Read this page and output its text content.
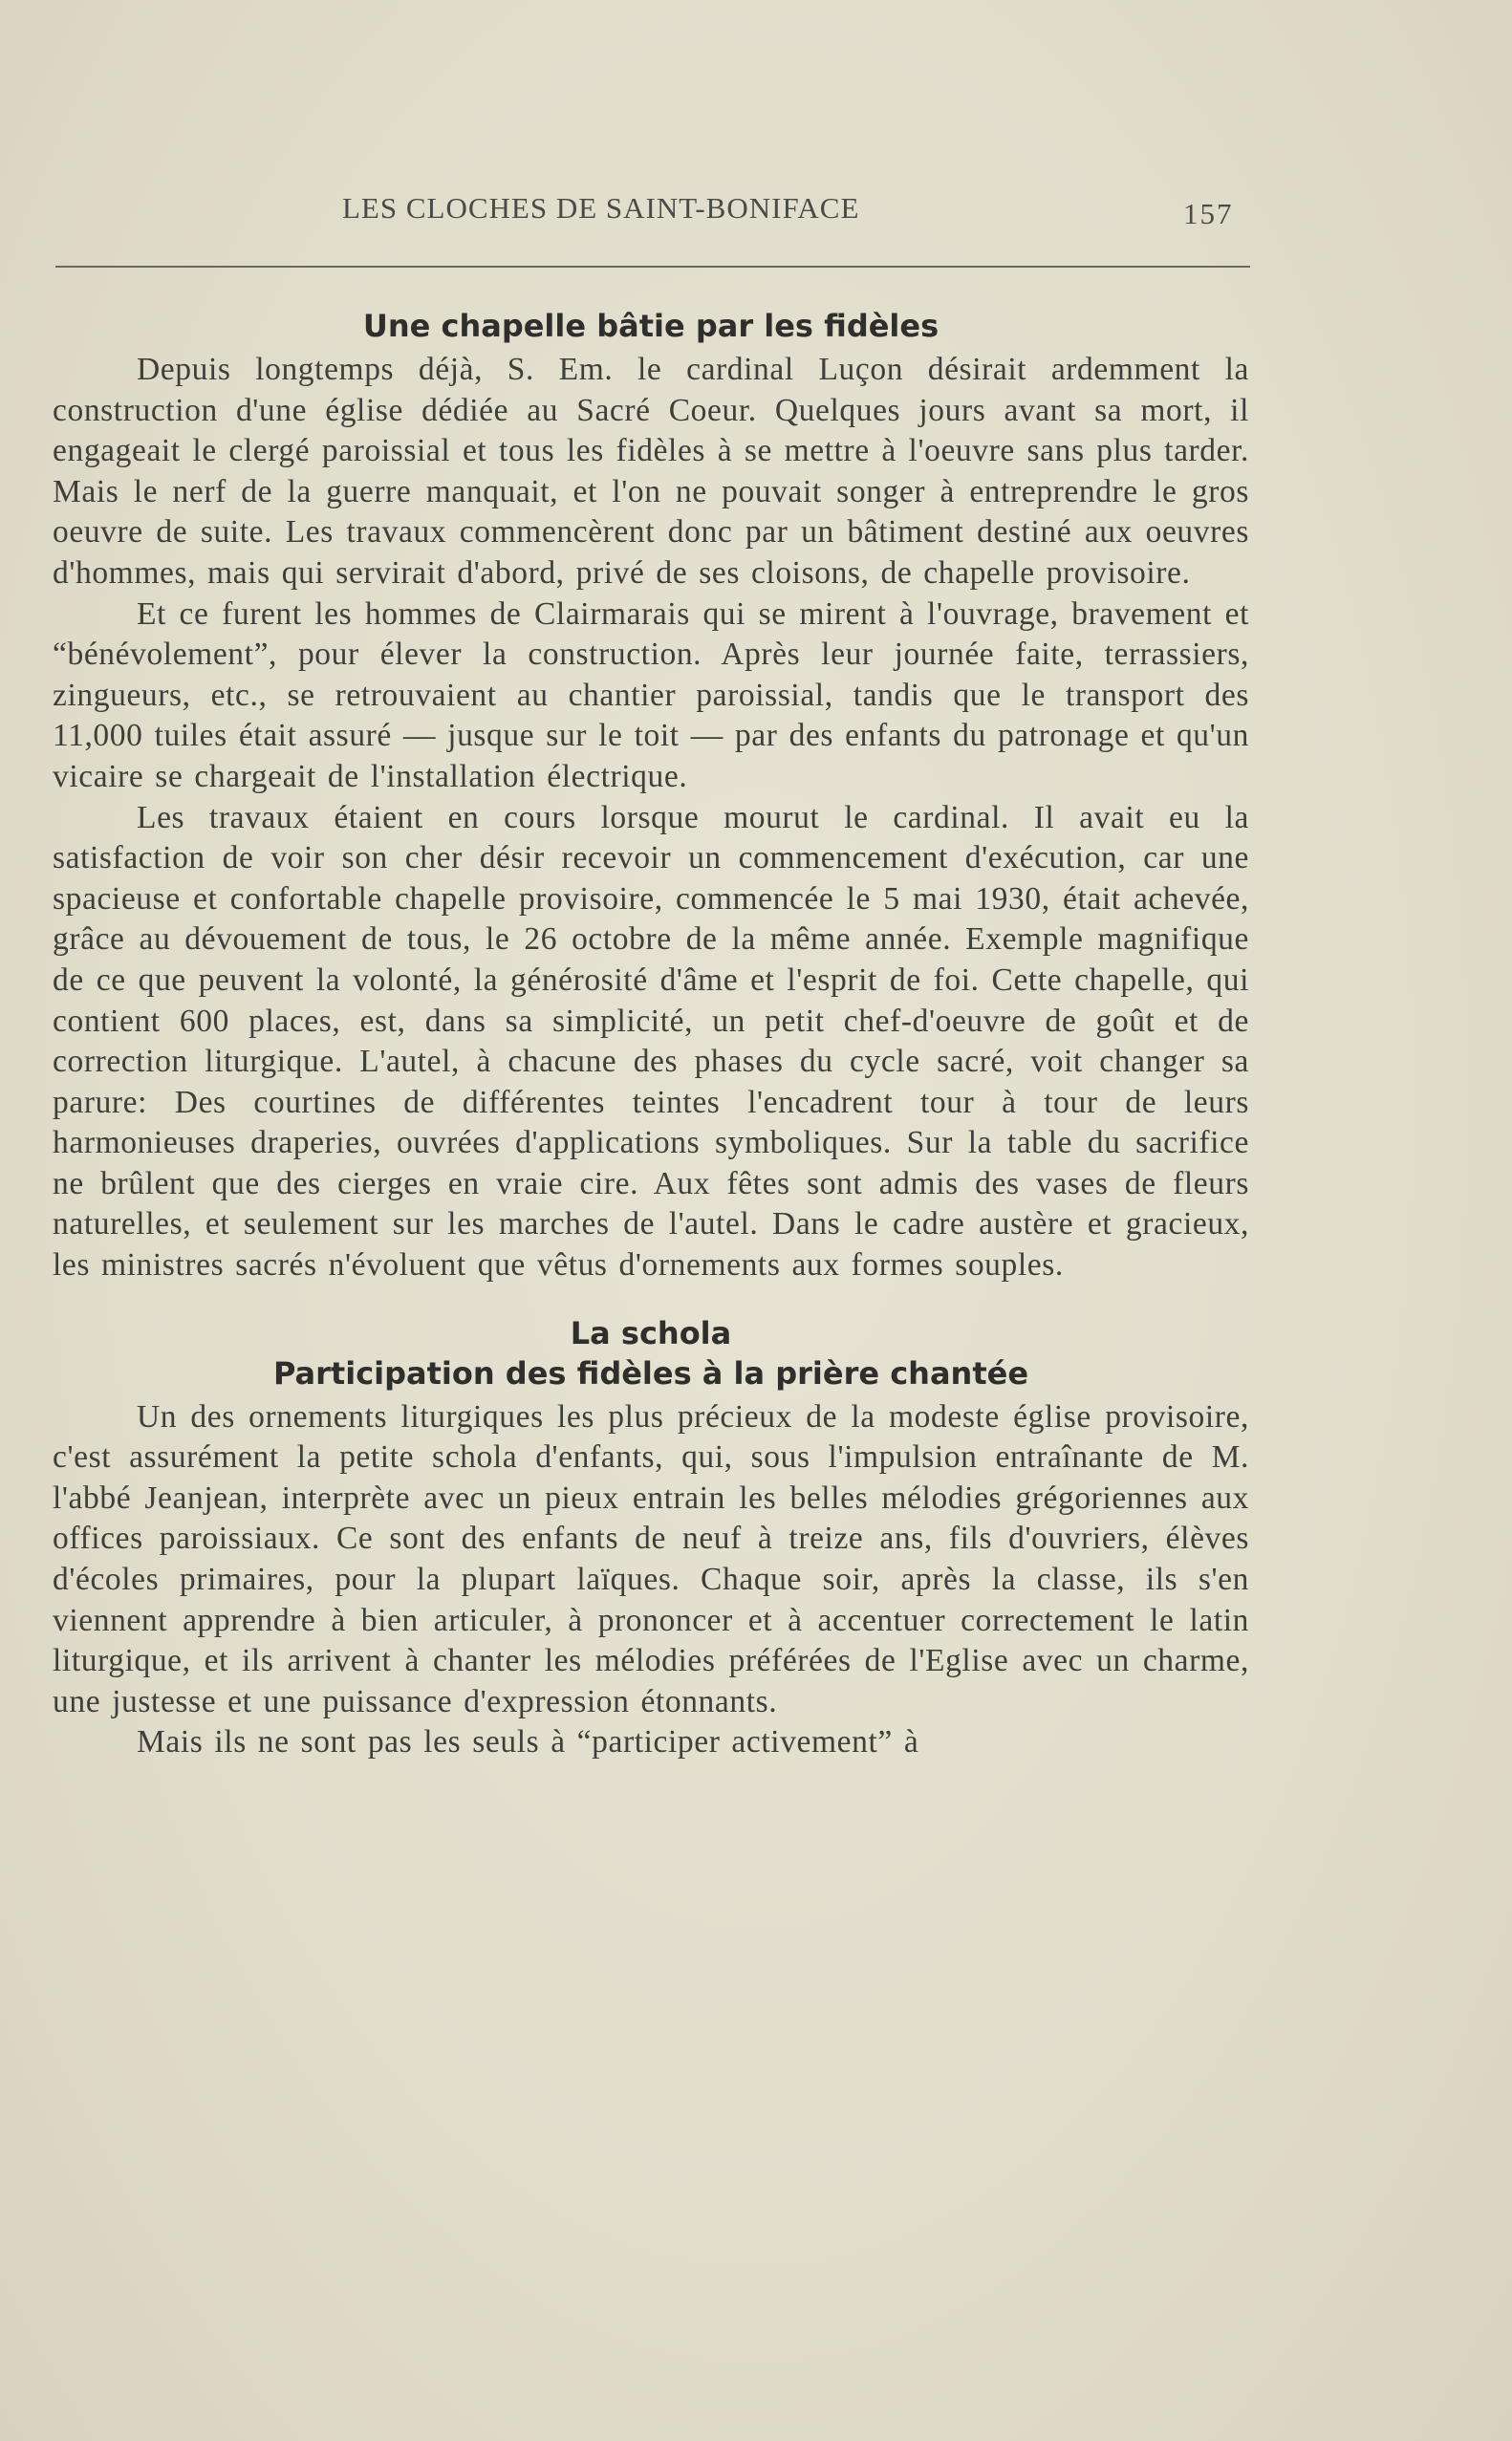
LES CLOCHES DE SAINT-BONIFACE	157
Une chapelle bâtie par les fidèles

Depuis longtemps déjà, S. Em. le cardinal Luçon désirait ardemment la construction d'une église dédiée au Sacré Coeur. Quelques jours avant sa mort, il engageait le clergé paroissial et tous les fidèles à se mettre à l'oeuvre sans plus tarder. Mais le nerf de la guerre manquait, et l'on ne pouvait songer à entreprendre le gros oeuvre de suite. Les travaux commencèrent donc par un bâtiment destiné aux oeuvres d'hommes, mais qui servirait d'abord, privé de ses cloisons, de chapelle provisoire.

Et ce furent les hommes de Clairmarais qui se mirent à l'ouvrage, bravement et “bénévolement”, pour élever la construction. Après leur journée faite, terrassiers, zingueurs, etc., se retrouvaient au chantier paroissial, tandis que le transport des 11,000 tuiles était assuré — jusque sur le toit — par des enfants du patronage et qu'un vicaire se chargeait de l'installation électrique.

Les travaux étaient en cours lorsque mourut le cardinal. Il avait eu la satisfaction de voir son cher désir recevoir un commencement d'exécution, car une spacieuse et confortable chapelle provisoire, commencée le 5 mai 1930, était achevée, grâce au dévouement de tous, le 26 octobre de la même année. Exemple magnifique de ce que peuvent la volonté, la générosité d'âme et l'esprit de foi. Cette chapelle, qui contient 600 places, est, dans sa simplicité, un petit chef-d'oeuvre de goût et de correction liturgique. L'autel, à chacune des phases du cycle sacré, voit changer sa parure: Des courtines de différentes teintes l'encadrent tour à tour de leurs harmonieuses draperies, ouvrées d'applications symboliques. Sur la table du sacrifice ne brûlent que des cierges en vraie cire. Aux fêtes sont admis des vases de fleurs naturelles, et seulement sur les marches de l'autel. Dans le cadre austère et gracieux, les ministres sacrés n'évoluent que vêtus d'ornements aux formes souples.

La schola
Participation des fidèles à la prière chantée

Un des ornements liturgiques les plus précieux de la modeste église provisoire, c'est assurément la petite schola d'enfants, qui, sous l'impulsion entraînante de M. l'abbé Jeanjean, interprète avec un pieux entrain les belles mélodies grégoriennes aux offices paroissiaux. Ce sont des enfants de neuf à treize ans, fils d'ouvriers, élèves d'écoles primaires, pour la plupart laïques. Chaque soir, après la classe, ils s'en viennent apprendre à bien articuler, à prononcer et à accentuer correctement le latin liturgique, et ils arrivent à chanter les mélodies préférées de l'Eglise avec un charme, une justesse et une puissance d'expression étonnants.

Mais ils ne sont pas les seuls à “participer activement” à
